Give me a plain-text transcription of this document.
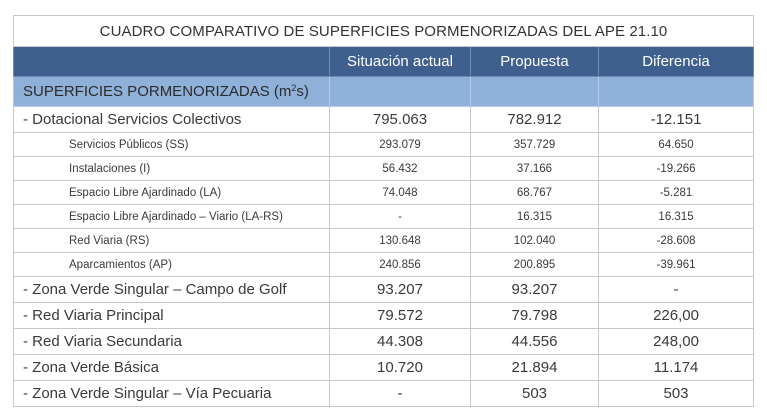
CUADRO COMPARATIVO DE SUPERFICIES PORMENORIZADAS DEL APE 21.10			
	Situación actual	Propuesta	Diferencia
SUPERFICIES PORMENORIZADAS $(m^2s)$			
- Dotacional Servicios Colectivos	795.063	782.912	-12.151
Servicios Públicos (SS)	293.079	357.729	64.650
Instalaciones (I)	56.432	37.166	-19.266
Espacio Libre Ajardinado (LA)	74.048	68.767	-5.281
Espacio Libre Ajardinado – Viario (LA-RS)	-	16.315	16.315
Red Viaria (RS)	130.648	102.040	-28.608
Aparcamientos (AP)	240.856	200.895	-39.961
- Zona Verde Singular – Campo de Golf	93.207	93.207	-
- Red Viaria Principal	79.572	79.798	226,00
- Red Viaria Secundaria	44.308	44.556	248,00
- Zona Verde Básica	10.720	21.894	11.174
- Zona Verde Singular – Vía Pecuaria	-	503	503
